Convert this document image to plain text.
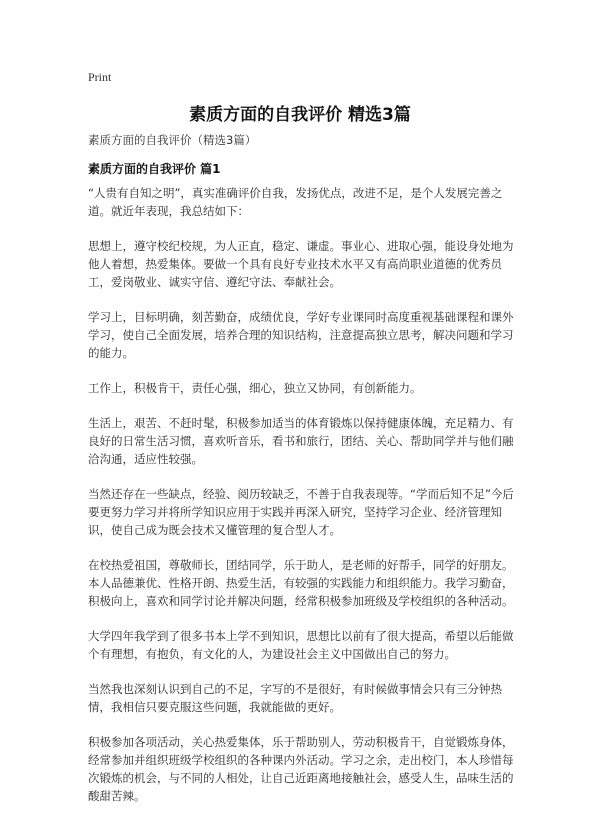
Print
素质方面的自我评价 精选3篇
素质方面的自我评价（精选3篇）
素质方面的自我评价 篇1

“人贵有自知之明”，真实准确评价自我，发扬优点，改进不足，是个人发展完善之道。就近年表现，我总结如下：

思想上，遵守校纪校规，为人正直，稳定、谦虚。事业心、进取心强，能设身处地为他人着想，热爱集体。要做一个具有良好专业技术水平又有高尚职业道德的优秀员工，爱岗敬业、诚实守信、遵纪守法、奉献社会。

学习上，目标明确，刻苦勤奋，成绩优良，学好专业课同时高度重视基础课程和课外学习，使自己全面发展，培养合理的知识结构，注意提高独立思考，解决问题和学习的能力。

工作上，积极肯干，责任心强，细心，独立又协同，有创新能力。

生活上，艰苦、不赶时髦，积极参加适当的体育锻炼以保持健康体魄，充足精力、有良好的日常生活习惯，喜欢听音乐，看书和旅行，团结、关心、帮助同学并与他们融洽沟通，适应性较强。

当然还存在一些缺点，经验、阅历较缺乏，不善于自我表现等。“学而后知不足”今后要更努力学习并将所学知识应用于实践并再深入研究，坚持学习企业、经济管理知识，使自己成为既会技术又懂管理的复合型人才。

在校热爱祖国，尊敬师长，团结同学，乐于助人，是老师的好帮手，同学的好朋友。本人品德兼优、性格开朗、热爱生活，有较强的实践能力和组织能力。我学习勤奋，积极向上，喜欢和同学讨论并解决问题，经常积极参加班级及学校组织的各种活动。

大学四年我学到了很多书本上学不到知识，思想比以前有了很大提高，希望以后能做个有理想，有抱负，有文化的人，为建设社会主义中国做出自己的努力。

当然我也深刻认识到自己的不足，字写的不是很好，有时候做事情会只有三分钟热情，我相信只要克服这些问题，我就能做的更好。

积极参加各项活动，关心热爱集体，乐于帮助别人，劳动积极肯干，自觉锻炼身体，经常参加并组织班级学校组织的各种课内外活动。学习之余，走出校门，本人珍惜每次锻炼的机会，与不同的人相处，让自己近距离地接触社会，感受人生，品味生活的酸甜苦辣。
